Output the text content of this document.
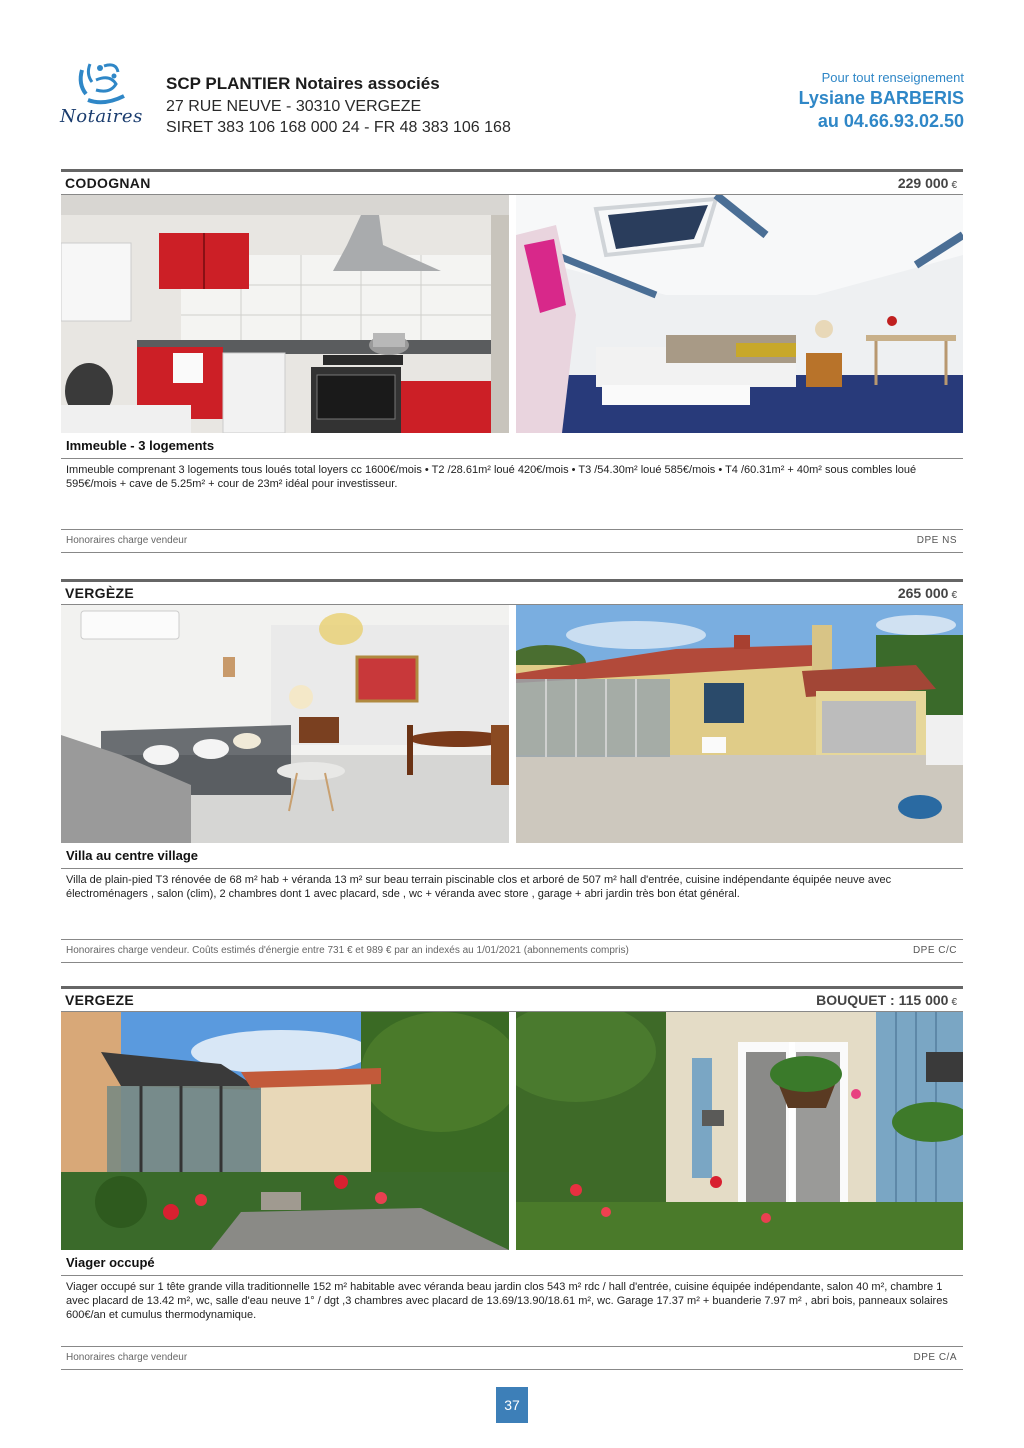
Notaires
SCP PLANTIER Notaires associés
27 RUE NEUVE - 30310 VERGEZE
SIRET 383 106 168 000 24 - FR 48 383 106 168
Pour tout renseignement
Lysiane BARBERIS
au 04.66.93.02.50
CODOGNAN	229 000 €
Immeuble - 3 logements
Immeuble comprenant 3 logements tous loués total loyers cc 1600€/mois • T2 /28.61m² loué 420€/mois • T3 /54.30m² loué 585€/mois • T4 /60.31m² + 40m² sous combles loué 595€/mois + cave de 5.25m² + cour de 23m² idéal pour investisseur.
Honoraires charge vendeur	DPE NS
VERGÈZE	265 000 €
Villa au centre village
Villa de plain-pied T3 rénovée de 68 m² hab + véranda 13 m² sur beau terrain piscinable clos et arboré de 507 m² hall d'entrée, cuisine indépendante équipée neuve avec électroménagers , salon (clim), 2 chambres dont 1 avec placard, sde , wc + véranda avec store , garage + abri jardin très bon état général.
Honoraires charge vendeur. Coûts estimés d'énergie entre 731 € et 989 € par an indexés au 1/01/2021 (abonnements compris)	DPE C/C
VERGEZE	BOUQUET : 115 000 €
Viager occupé
Viager occupé sur 1 tête grande villa traditionnelle 152 m² habitable avec véranda beau jardin clos 543 m² rdc / hall d'entrée, cuisine équipée indépendante, salon 40 m², chambre 1 avec placard de 13.42 m², wc, salle d'eau neuve 1° / dgt ,3 chambres avec placard de 13.69/13.90/18.61 m², wc. Garage 17.37 m² + buanderie 7.97 m² , abri bois, panneaux solaires 600€/an et cumulus thermodynamique.
Honoraires charge vendeur	DPE C/A
37
